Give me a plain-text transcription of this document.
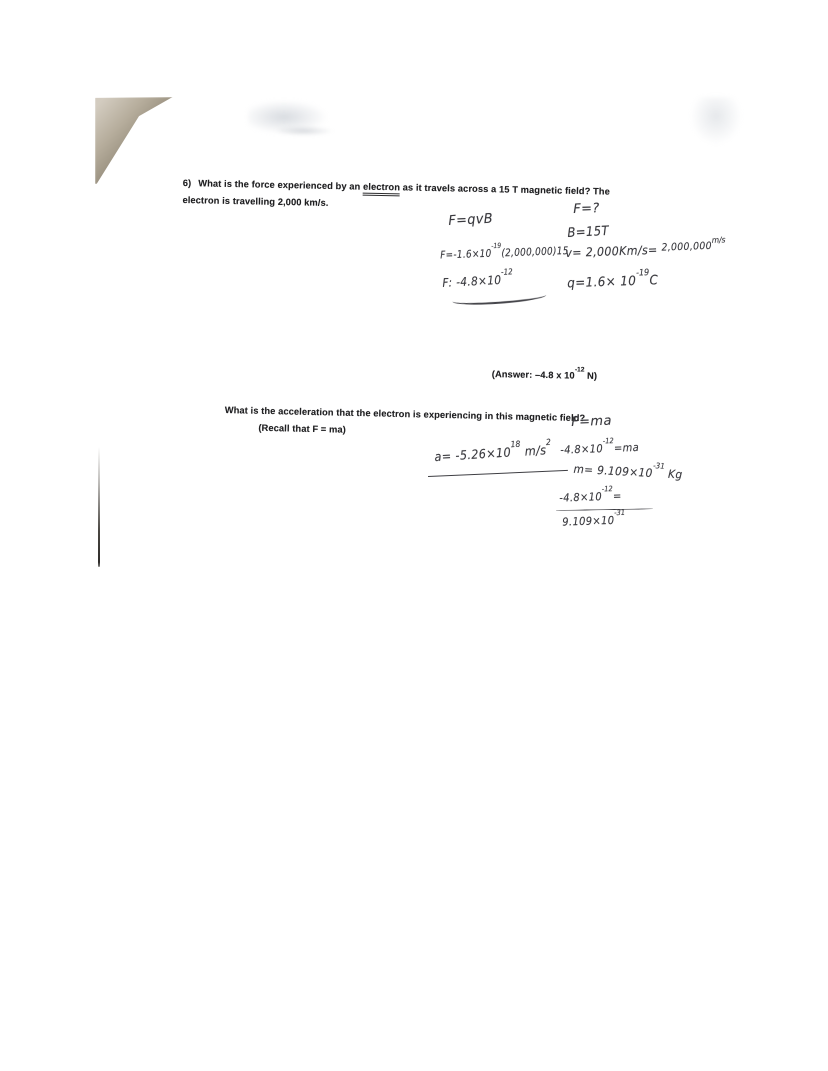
6) What is the force experienced by an electron as it travels across a 15 T magnetic field? The
electron is travelling 2,000 km/s.
F=qvB
$F=-1.6\times 10^{-19}(2,000,000)15$
F: $-4.8\times 10^{-12}$
F=?
B=15T
v= 2,000Km/s= $^{2,000,000m/s}$
$q=1.6\times 10^{-19}C$
(Answer: –4.8 x $10^{-12}$ N)
What is the acceleration that the electron is experiencing in this magnetic field?
(Recall that F = ma)	F=ma
$a= -5.26\times 10^{18}$ $m/s^2$ $-4.8\times 10^{-12}=ma$
$m= 9.109\times 10^{-31}$ Kg
$-4.8\times 10^{-12}=$
$9.109\times 10^{-31}$
